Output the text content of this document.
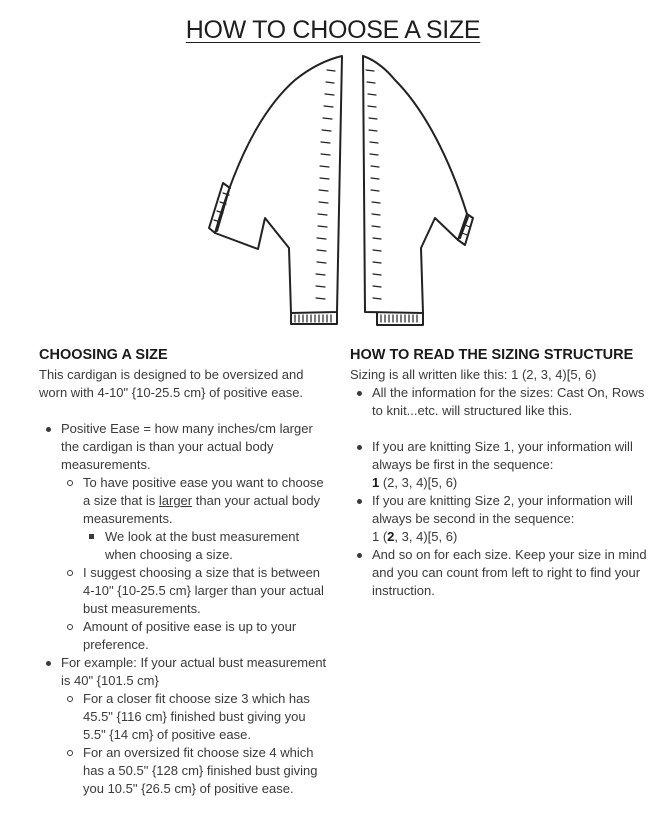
HOW TO CHOOSE A SIZE
CHOOSING A SIZE

This cardigan is designed to be oversized and worn with 4-10" {10-25.5 cm} of positive ease.

Positive Ease = how many inches/cm larger the cardigan is than your actual body measurements.
To have positive ease you want to choose a size that is larger than your actual body measurements.
We look at the bust measurement when choosing a size.
I suggest choosing a size that is between 4-10" {10-25.5 cm} larger than your actual bust measurements.
Amount of positive ease is up to your preference.
For example: If your actual bust measurement is 40" {101.5 cm}
For a closer fit choose size 3 which has 45.5" {116 cm} finished bust giving you 5.5" {14 cm} of positive ease.
For an oversized fit choose size 4 which has a 50.5" {128 cm} finished bust giving you 10.5" {26.5 cm} of positive ease.
HOW TO READ THE SIZING STRUCTURE

Sizing is all written like this: 1 (2, 3, 4)[5, 6)

All the information for the sizes: Cast On, Rows to knit...etc. will structured like this.
If you are knitting Size 1, your information will always be first in the sequence:
1 (2, 3, 4)[5, 6)
If you are knitting Size 2, your information will always be second in the sequence:
1 (2, 3, 4)[5, 6)
And so on for each size. Keep your size in mind and you can count from left to right to find your instruction.
